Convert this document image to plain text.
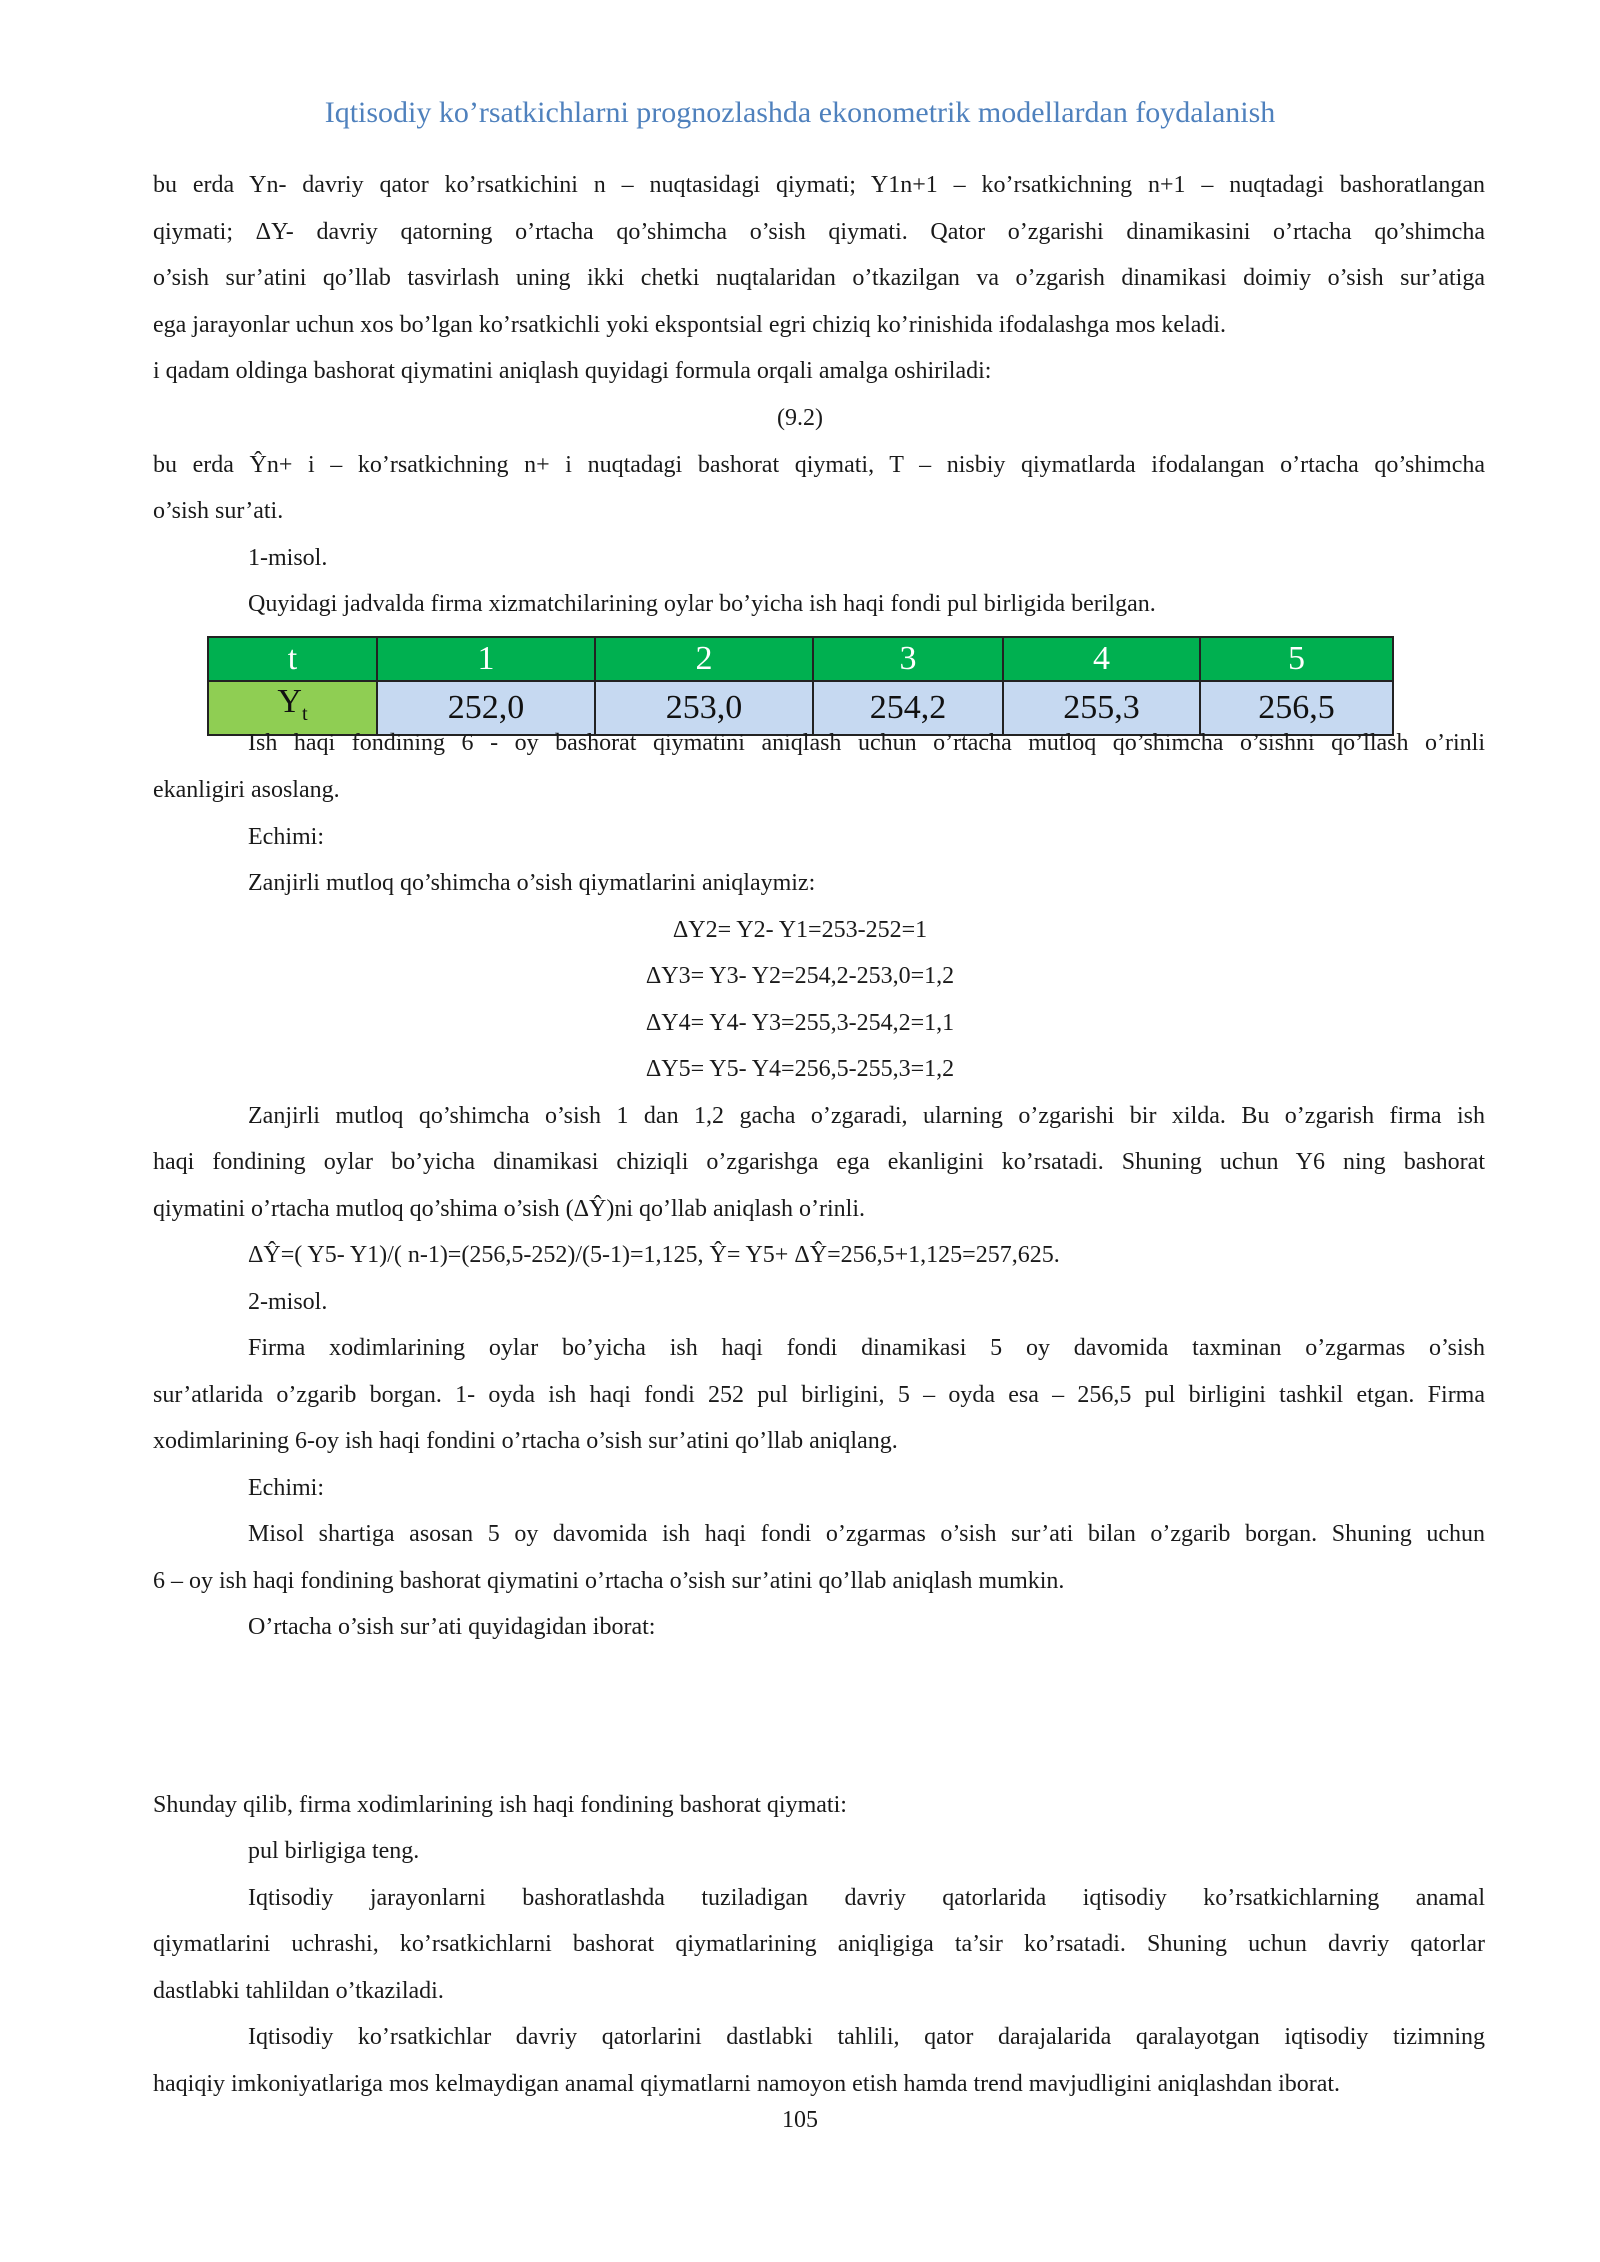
Iqtisodiy ko’rsatkichlarni prognozlashda ekonometrik modellardan foydalanish
bu erda Yn- davriy qator ko’rsatkichini n – nuqtasidagi qiymati; Y1n+1 – ko’rsatkichning n+1 – nuqtadagi bashoratlangan
qiymati; ΔY- davriy qatorning o’rtacha qo’shimcha o’sish qiymati. Qator o’zgarishi dinamikasini o’rtacha qo’shimcha
o’sish sur’atini qo’llab tasvirlash uning ikki chetki nuqtalaridan o’tkazilgan va o’zgarish dinamikasi doimiy o’sish sur’atiga
ega jarayonlar uchun xos bo’lgan ko’rsatkichli yoki ekspontsial egri chiziq ko’rinishida ifodalashga mos keladi.
i qadam oldinga bashorat qiymatini aniqlash quyidagi formula orqali amalga oshiriladi:
(9.2)
bu erda Ŷn+ i – ko’rsatkichning n+ i nuqtadagi bashorat qiymati, T – nisbiy qiymatlarda ifodalangan o’rtacha qo’shimcha
o’sish sur’ati.
1-misol.
Quyidagi jadvalda firma xizmatchilarining oylar bo’yicha ish haqi fondi pul birligida berilgan.
t	1	2	3	4	5
$Y_t$	252,0	253,0	254,2	255,3	256,5
Ish haqi fondining 6 - oy bashorat qiymatini aniqlash uchun o’rtacha mutloq qo’shimcha o’sishni qo’llash o’rinli
ekanligiri asoslang.
Echimi:
Zanjirli mutloq qo’shimcha o’sish qiymatlarini aniqlaymiz:
ΔY2= Y2- Y1=253-252=1
ΔY3= Y3- Y2=254,2-253,0=1,2
ΔY4= Y4- Y3=255,3-254,2=1,1
ΔY5= Y5- Y4=256,5-255,3=1,2
Zanjirli mutloq qo’shimcha o’sish 1 dan 1,2 gacha o’zgaradi, ularning o’zgarishi bir xilda. Bu o’zgarish firma ish
haqi fondining oylar bo’yicha dinamikasi chiziqli o’zgarishga ega ekanligini ko’rsatadi. Shuning uchun Y6 ning bashorat
qiymatini o’rtacha mutloq qo’shima o’sish (ΔŶ)ni qo’llab aniqlash o’rinli.
ΔŶ=( Y5- Y1)/( n-1)=(256,5-252)/(5-1)=1,125, Ŷ= Y5+ ΔŶ=256,5+1,125=257,625.
2-misol.
Firma xodimlarining oylar bo’yicha ish haqi fondi dinamikasi 5 oy davomida taxminan o’zgarmas o’sish
sur’atlarida o’zgarib borgan. 1- oyda ish haqi fondi 252 pul birligini, 5 – oyda esa – 256,5 pul birligini tashkil etgan. Firma
xodimlarining 6-oy ish haqi fondini o’rtacha o’sish sur’atini qo’llab aniqlang.
Echimi:
Misol shartiga asosan 5 oy davomida ish haqi fondi o’zgarmas o’sish sur’ati bilan o’zgarib borgan. Shuning uchun
6 – oy ish haqi fondining bashorat qiymatini o’rtacha o’sish sur’atini qo’llab aniqlash mumkin.
O’rtacha o’sish sur’ati quyidagidan iborat:
Shunday qilib, firma xodimlarining ish haqi fondining bashorat qiymati:
pul birligiga teng.
Iqtisodiy jarayonlarni bashoratlashda tuziladigan davriy qatorlarida iqtisodiy ko’rsatkichlarning anamal
qiymatlarini uchrashi, ko’rsatkichlarni bashorat qiymatlarining aniqligiga ta’sir ko’rsatadi. Shuning uchun davriy qatorlar
dastlabki tahlildan o’tkaziladi.
Iqtisodiy ko’rsatkichlar davriy qatorlarini dastlabki tahlili, qator darajalarida qaralayotgan iqtisodiy tizimning
haqiqiy imkoniyatlariga mos kelmaydigan anamal qiymatlarni namoyon etish hamda trend mavjudligini aniqlashdan iborat.
105
